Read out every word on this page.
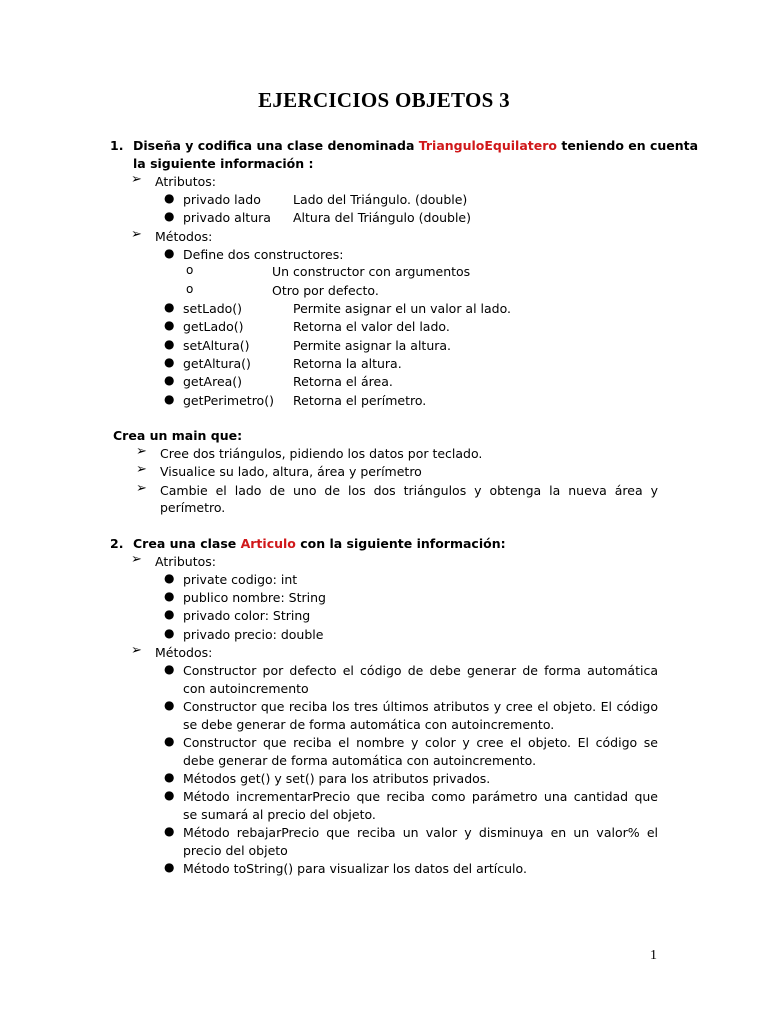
EJERCICIOS OBJETOS 3
1. Diseña y codifica una clase denominada TrianguloEquilatero teniendo en cuenta
la siguiente información :
➢ Atributos:
● privado lado	Lado del Triángulo. (double)
● privado altura Altura del Triángulo (double)
➢ Métodos:
● Define dos constructores:
o	Un constructor con argumentos
o	Otro por defecto.
● setLado()	Permite asignar el un valor al lado.
● getLado()	Retorna el valor del lado.
● setAltura()	Permite asignar la altura.
● getAltura()	Retorna la altura.
● getArea()	Retorna el área.
● getPerimetro() Retorna el perímetro.
Crea un main que:
➢ Cree dos triángulos, pidiendo los datos por teclado.
➢ Visualice su lado, altura, área y perímetro
➢ Cambie el lado de uno de los dos triángulos y obtenga la nueva área y
perímetro.
2. Crea una clase Articulo con la siguiente información:
➢ Atributos:
● private codigo: int
● publico nombre: String
● privado color: String
● privado precio: double
➢ Métodos:
● Constructor por defecto el código de debe generar de forma automática
con autoincremento
● Constructor que reciba los tres últimos atributos y cree el objeto. El código
se debe generar de forma automática con autoincremento.
● Constructor que reciba el nombre y color y cree el objeto. El código se
debe generar de forma automática con autoincremento.
● Métodos get() y set() para los atributos privados.
● Método incrementarPrecio que reciba como parámetro una cantidad que
se sumará al precio del objeto.
● Método rebajarPrecio que reciba un valor y disminuya en un valor% el
precio del objeto
● Método toString() para visualizar los datos del artículo.
1
